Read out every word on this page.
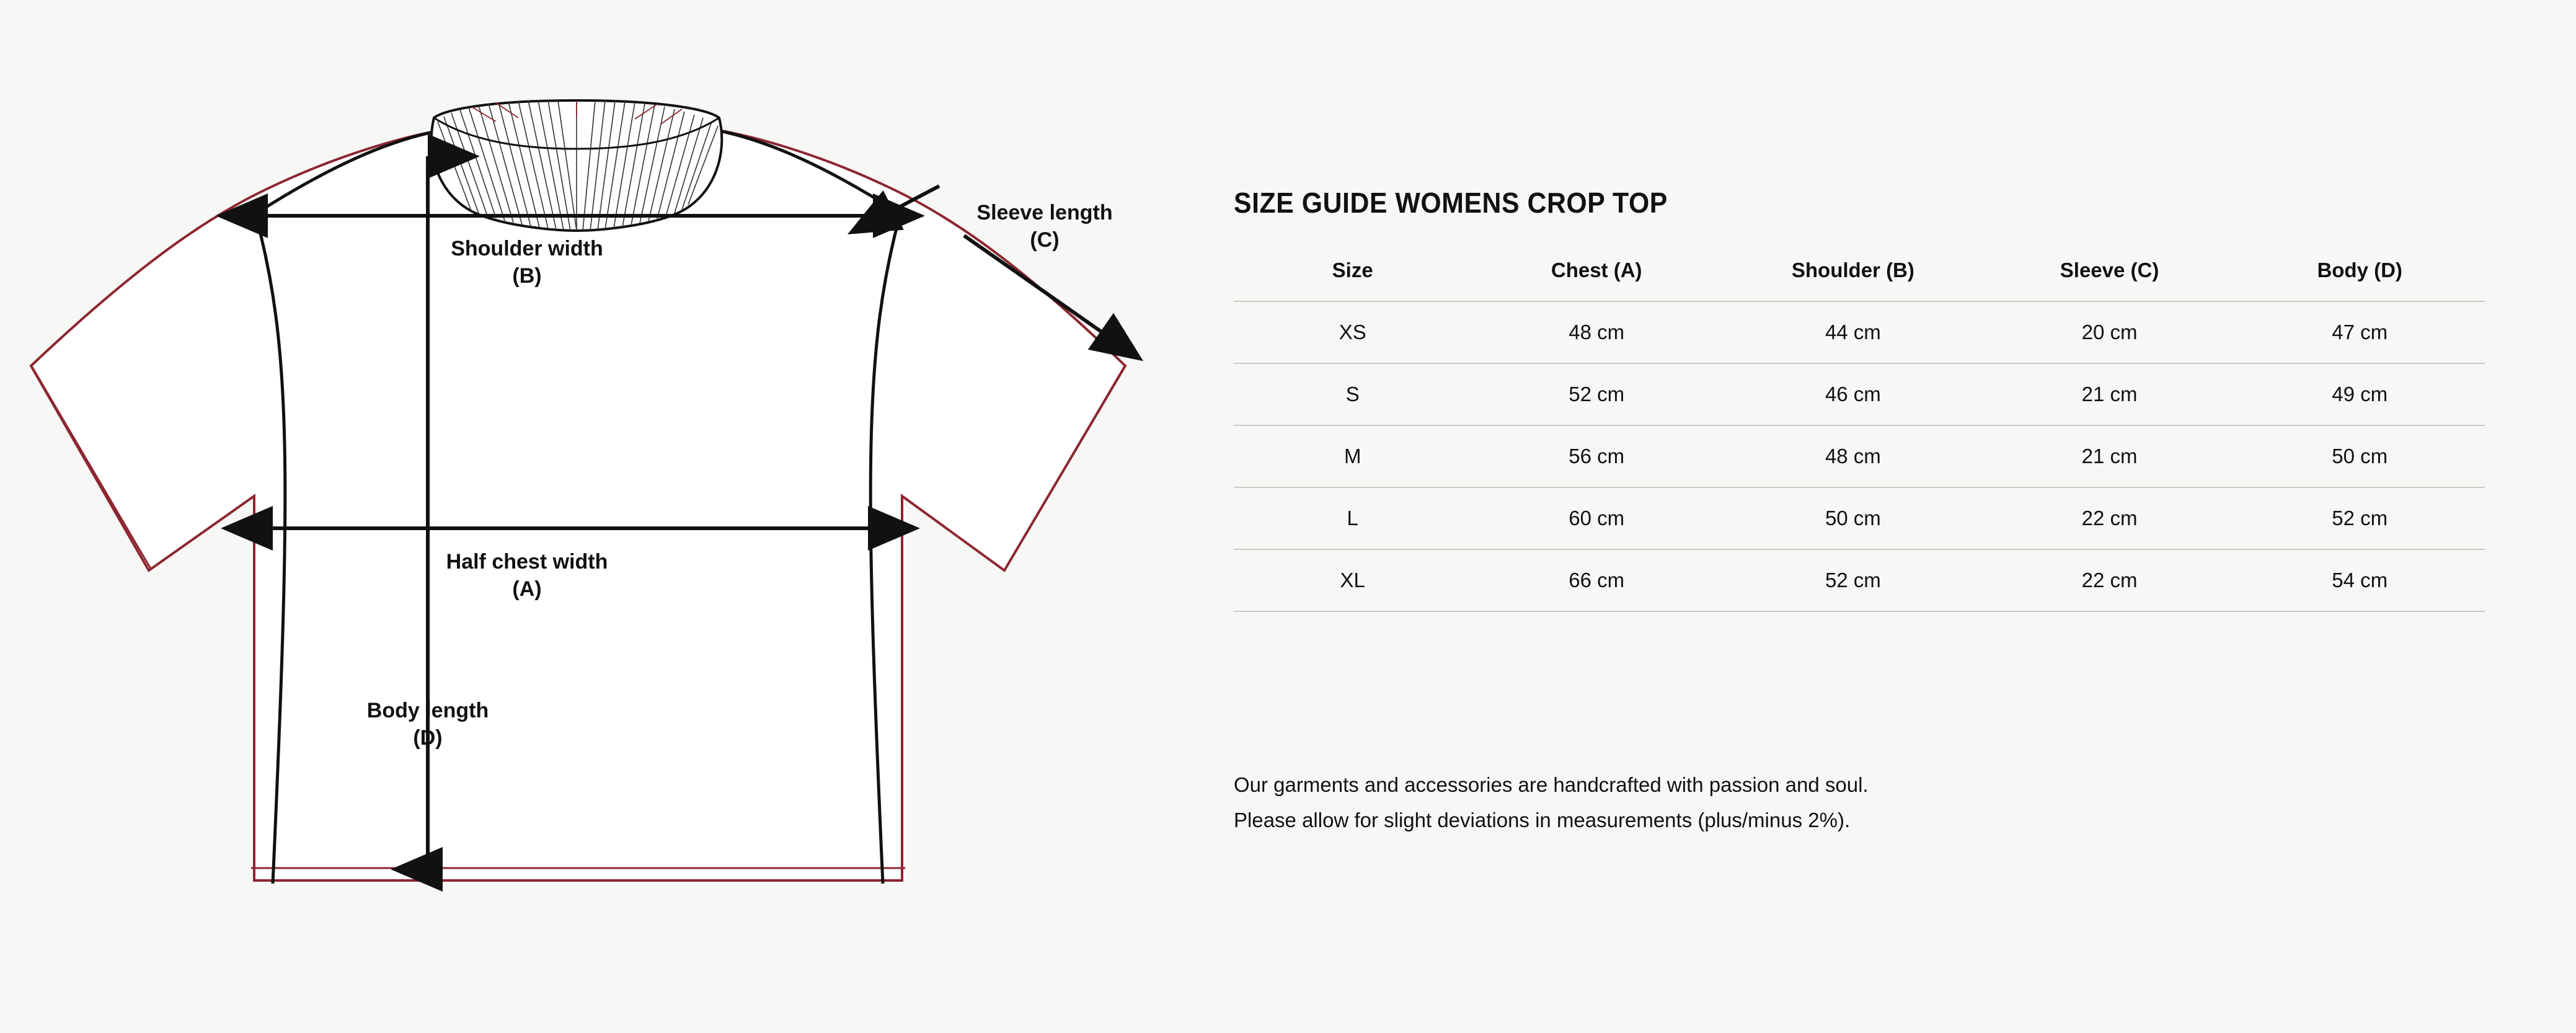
Shoulder width
(B)
Sleeve length
(C)
Half chest width
(A)
Body length
(D)
SIZE GUIDE WOMENS CROP TOP
Size	Chest (A)	Shoulder (B)	Sleeve (C)	Body (D)
XS	48 cm	44 cm	20 cm	47 cm
S	52 cm	46 cm	21 cm	49 cm
M	56 cm	48 cm	21 cm	50 cm
L	60 cm	50 cm	22 cm	52 cm
XL	66 cm	52 cm	22 cm	54 cm
Our garments and accessories are handcrafted with passion and soul.
Please allow for slight deviations in measurements (plus/minus 2%).
